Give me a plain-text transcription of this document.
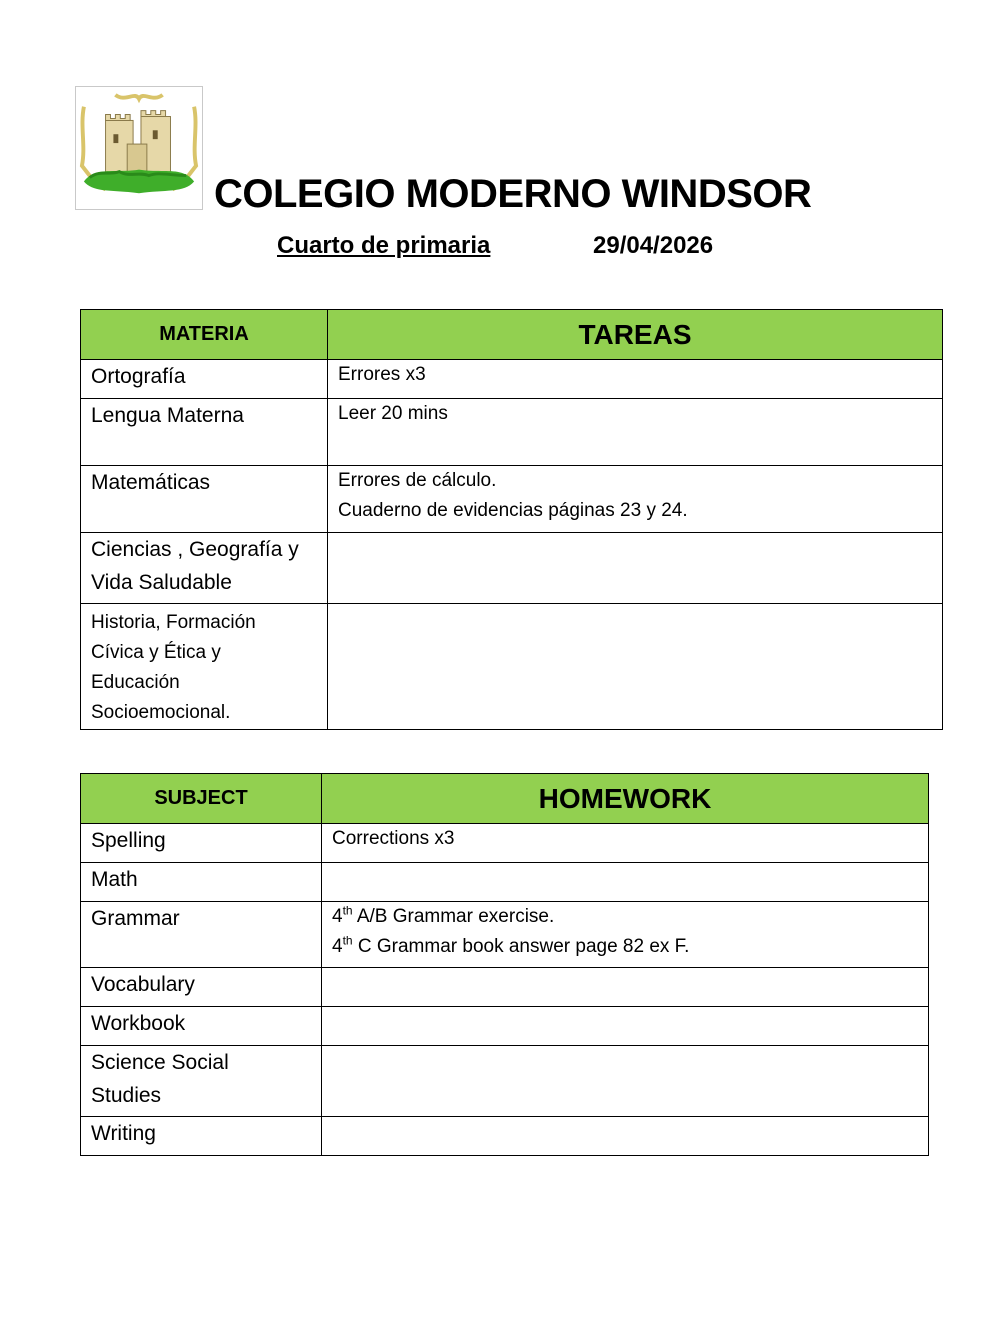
COLEGIO MODERNO WINDSOR
Cuarto de primaria	29/04/2026
MATERIA	TAREAS

Ortografía	Errores x3

Lengua Materna	Leer 20 mins

Matemáticas	Errores de cálculo.
Cuaderno de evidencias páginas 23 y 24.

Ciencias , Geografía y
Vida Saludable	

Historia, Formación
Cívica y Ética y
Educación
Socioemocional.	

SUBJECT	HOMEWORK

Spelling	Corrections x3

Math	

Grammar	4th A/B Grammar exercise.
4th C Grammar book answer page 82 ex F.

Vocabulary	

Workbook	

Science Social
Studies	

Writing	
